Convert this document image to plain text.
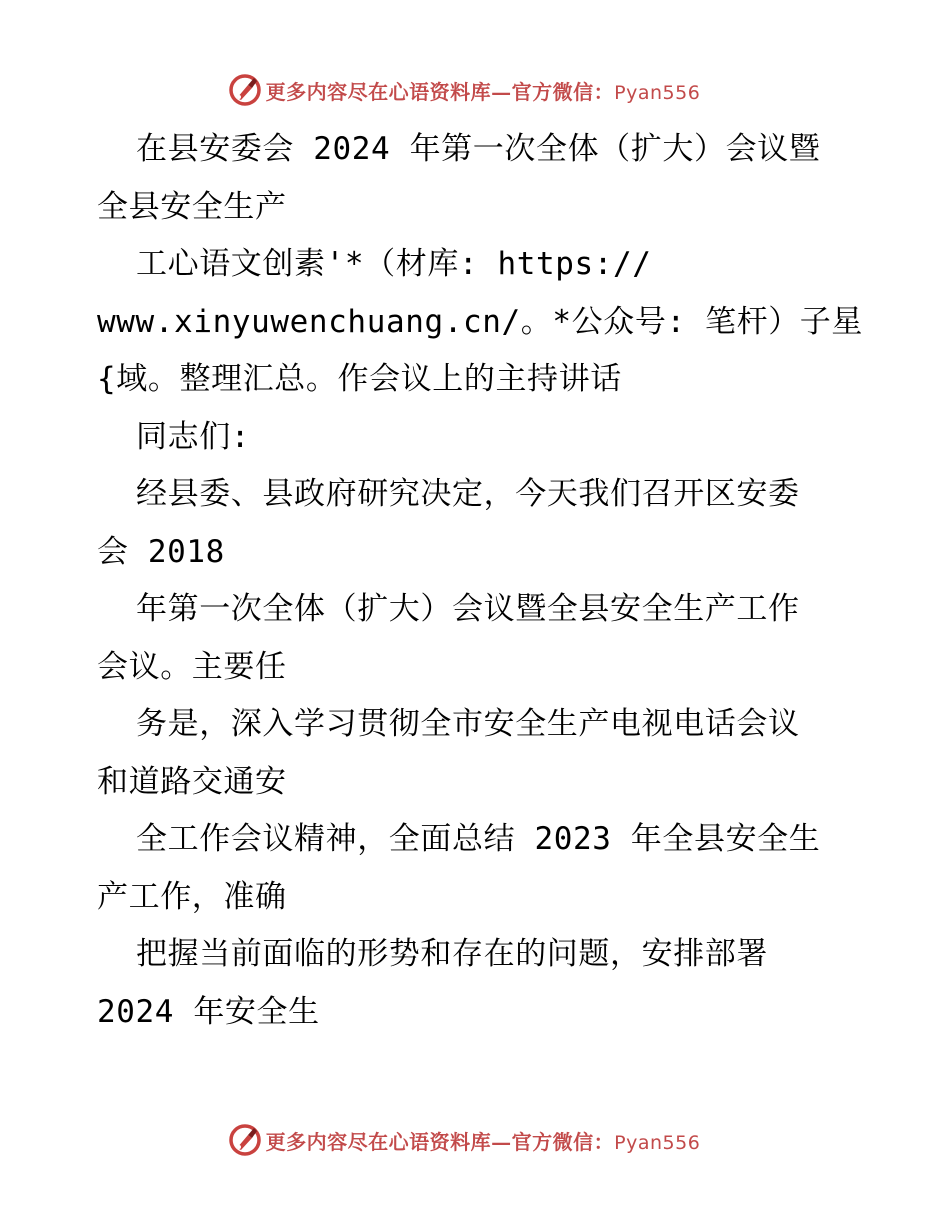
更多内容尽在心语资料库—官方微信：Pyan556
在县安委会 2024 年第一次全体（扩大）会议暨
全县安全生产
工心语文创素'*（材库: https://
www.xinyuwenchuang.cn/。*公众号: 笔杆）子星
{域。整理汇总。作会议上的主持讲话
同志们:
经县委、县政府研究决定，今天我们召开区安委
会 2018
年第一次全体（扩大）会议暨全县安全生产工作
会议。主要任
务是，深入学习贯彻全市安全生产电视电话会议
和道路交通安
全工作会议精神，全面总结 2023 年全县安全生
产工作，准确
把握当前面临的形势和存在的问题，安排部署
2024 年安全生
更多内容尽在心语资料库—官方微信：Pyan556
